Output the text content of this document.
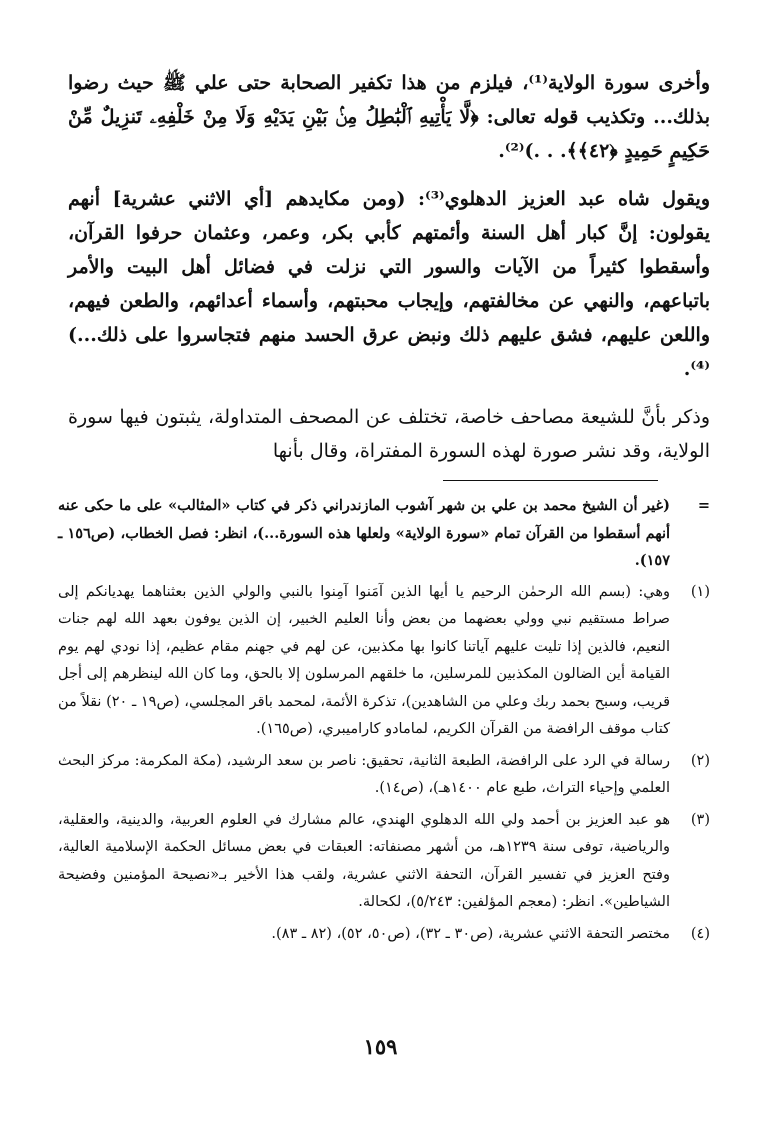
وأخرى سورة الولاية⁽¹⁾، فيلزم من هذا تكفير الصحابة حتى علي ﷺ حيث رضوا بذلك... وتكذيب قوله تعالى: ﴿لَّا يَأْتِيهِ ٱلْبَٰطِلُ مِنۢ بَيْنِ يَدَيْهِ وَلَا مِنْ خَلْفِهِۦ تَنزِيلٌ مِّنْ حَكِيمٍ حَمِيدٍ ﴿٤٢﴾﴾. . .)⁽²⁾.

ويقول شاه عبد العزيز الدهلوي⁽³⁾: (ومن مكايدهم [أي الاثني عشرية] أنهم يقولون: إنَّ كبار أهل السنة وأئمتهم كأبي بكر، وعمر، وعثمان حرفوا القرآن، وأسقطوا كثيراً من الآيات والسور التي نزلت في فضائل أهل البيت والأمر باتباعهم، والنهي عن مخالفتهم، وإيجاب محبتهم، وأسماء أعدائهم، والطعن فيهم، واللعن عليهم، فشق عليهم ذلك ونبض عرق الحسد منهم فتجاسروا على ذلك...)⁽⁴⁾.

وذكر بأنَّ للشيعة مصاحف خاصة، تختلف عن المصحف المتداولة، يثبتون فيها سورة الولاية، وقد نشر صورة لهذه السورة المفتراة، وقال بأنها

=
(غير أن الشيخ محمد بن علي بن شهر آشوب المازندراني ذكر في كتاب «المثالب» على ما حكى عنه أنهم أسقطوا من القرآن تمام «سورة الولاية» ولعلها هذه السورة...)، انظر: فصل الخطاب، (ص١٥٦ ـ ١٥٧).
(١)
وهي: (بسم الله الرحمٰن الرحيم يا أيها الذين آمَنوا آمِنوا بالنبي والولي الذين بعثناهما يهديانكم إلى صراط مستقيم نبي وولي بعضهما من بعض وأنا العليم الخبير، إن الذين يوفون بعهد الله لهم جنات النعيم، فالذين إذا تليت عليهم آياتنا كانوا بها مكذبين، عن لهم في جهنم مقام عظيم، إذا نودي لهم يوم القيامة أين الضالون المكذبين للمرسلين، ما خلقهم المرسلون إلا بالحق، وما كان الله لينظرهم إلى أجل قريب، وسبح بحمد ربك وعلي من الشاهدين)، تذكرة الأئمة، لمحمد باقر المجلسي، (ص١٩ ـ ٢٠) نقلاً من كتاب موقف الرافضة من القرآن الكريم، لمامادو كاراميبري، (ص١٦٥).
(٢)
رسالة في الرد على الرافضة، الطبعة الثانية، تحقيق: ناصر بن سعد الرشيد، (مكة المكرمة: مركز البحث العلمي وإحياء التراث، طبع عام ١٤٠٠هـ)، (ص١٤).
(٣)
هو عبد العزيز بن أحمد ولي الله الدهلوي الهندي، عالم مشارك في العلوم العربية، والدينية، والعقلية، والرياضية، توفى سنة ١٢٣٩هـ، من أشهر مصنفاته: العبقات في بعض مسائل الحكمة الإسلامية العالية، وفتح العزيز في تفسير القرآن، التحفة الاثني عشرية، ولقب هذا الأخير بـ«نصيحة المؤمنين وفضيحة الشياطين». انظر: (معجم المؤلفين: ٥/٢٤٣)، لكحالة.
(٤)
مختصر التحفة الاثني عشرية، (ص٣٠ ـ ٣٢)، (ص٥٠، ٥٢)، (٨٢ ـ ٨٣).
١٥٩
